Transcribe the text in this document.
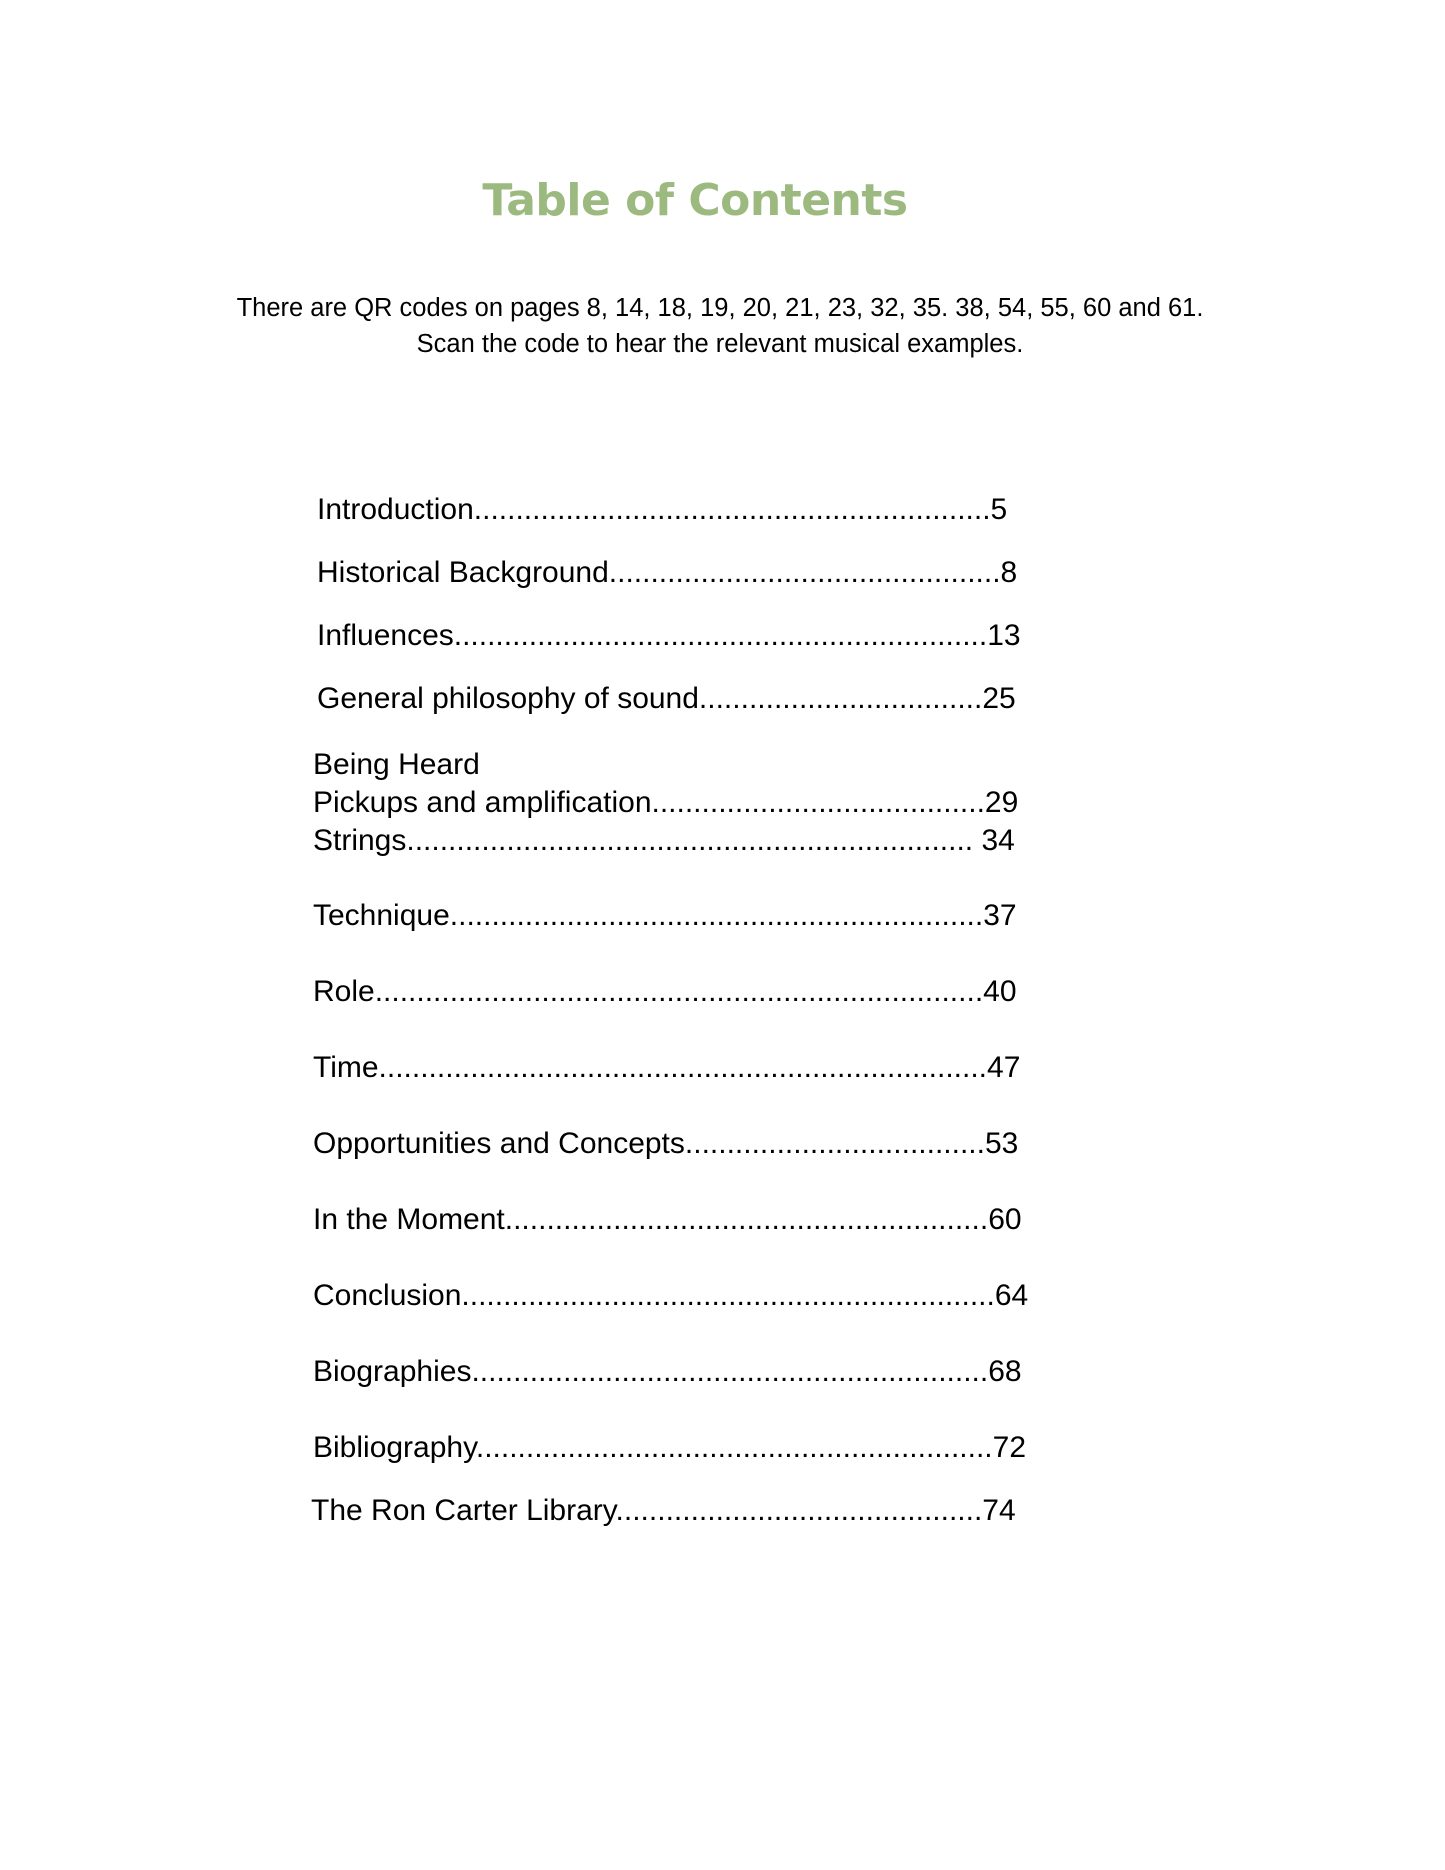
Table of Contents

There are QR codes on pages 8, 14, 18, 19, 20, 21, 23, 32, 35. 38, 54, 55, 60 and 61.

Scan the code to hear the relevant musical examples.

Introduction..............................................................5
Historical Background...............................................8
Influences................................................................13
General philosophy of sound..................................25
Being Heard
Pickups and amplification........................................29
Strings.................................................................... 34
Technique................................................................37
Role.........................................................................40
Time.........................................................................47
Opportunities and Concepts....................................53
In the Moment..........................................................60
Conclusion................................................................64
Biographies..............................................................68
Bibliography..............................................................72
The Ron Carter Library............................................74
